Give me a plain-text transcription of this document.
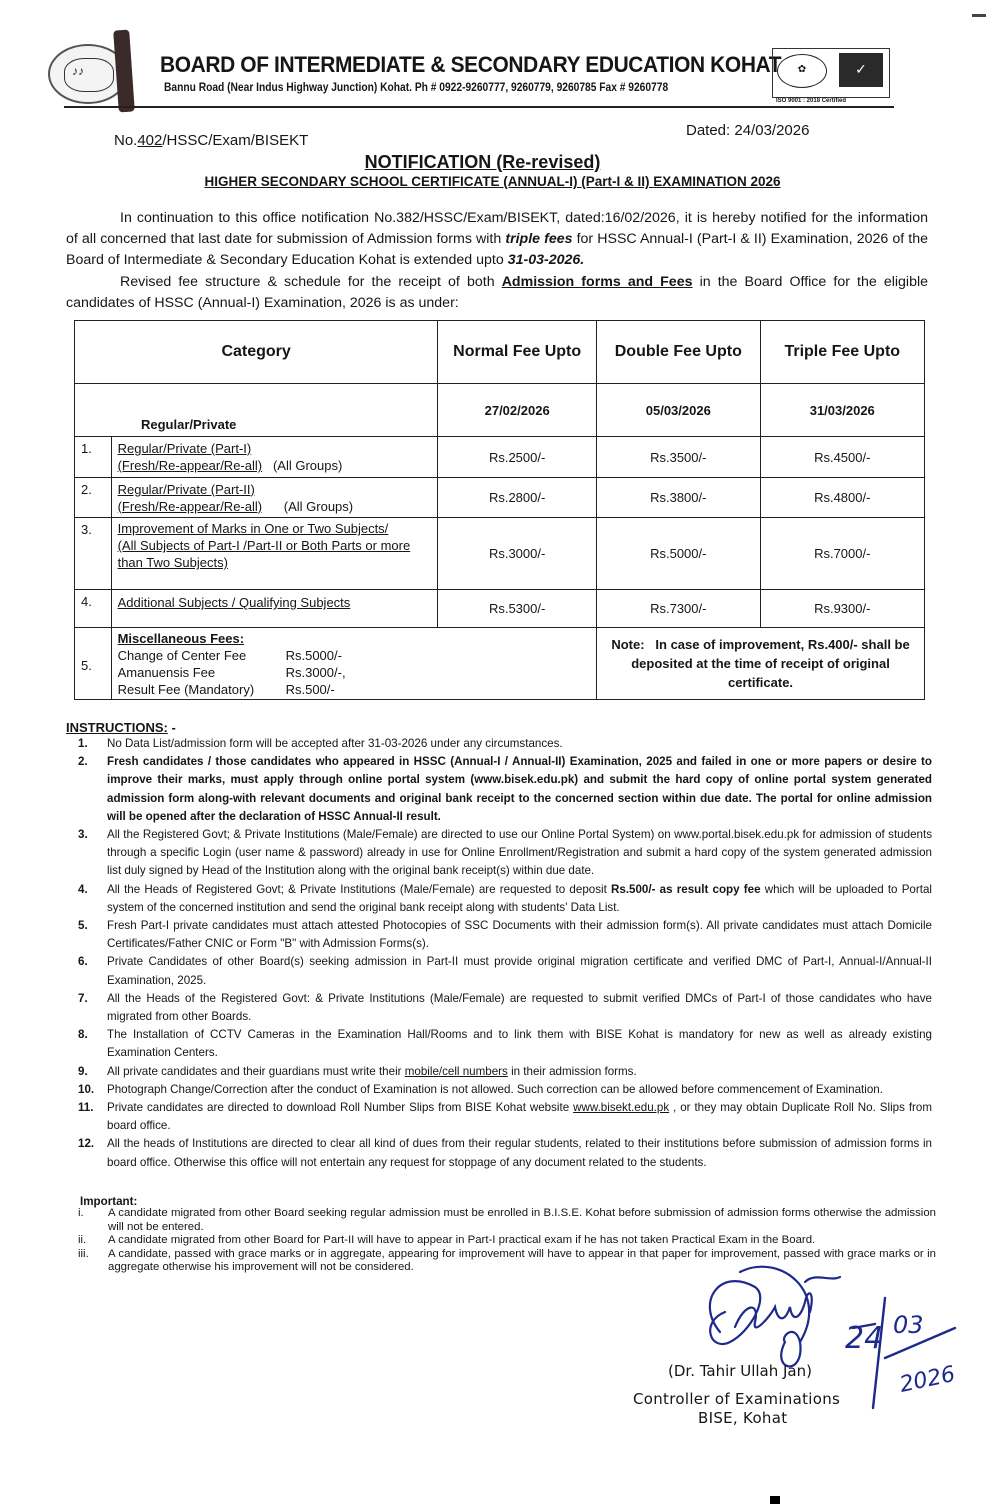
♪♪	BOARD OF INTERMEDIATE & SECONDARY EDUCATION KOHAT
Bannu Road (Near Indus Highway Junction) Kohat. Ph # 0922-9260777, 9260779, 9260785 Fax # 9260778
✿	✓
ISO 9001 : 2018 Certified
No.402/HSSC/Exam/BISEKT
Dated: 24/03/2026
NOTIFICATION (Re-revised)
HIGHER SECONDARY SCHOOL CERTIFICATE (ANNUAL-I) (Part-I & II) EXAMINATION 2026
In continuation to this office notification No.382/HSSC/Exam/BISEKT, dated:16/02/2026, it is hereby notified for the information of all concerned that last date for submission of Admission forms with triple fees for HSSC Annual-I (Part-I & II) Examination, 2026 of the Board of Intermediate & Secondary Education Kohat is extended upto 31-03-2026.
Revised fee structure & schedule for the receipt of both Admission forms and Fees in the Board Office for the eligible candidates of HSSC (Annual-I) Examination, 2026 is as under:
Category		Normal Fee Upto	Double Fee Upto	Triple Fee Upto
Regular/Private		27/02/2026	05/03/2026	31/03/2026
1.	Regular/Private (Part-I)
(Fresh/Re-appear/Re-all) (All Groups)	Rs.2500/-	Rs.3500/-	Rs.4500/-
2.	Regular/Private (Part-II)
(Fresh/Re-appear/Re-all) (All Groups)	Rs.2800/-	Rs.3800/-	Rs.4800/-
3.	Improvement of Marks in One or Two Subjects/
(All Subjects of Part-I /Part-II or Both Parts or more
than Two Subjects)	Rs.3000/-	Rs.5000/-	Rs.7000/-
4.	Additional Subjects / Qualifying Subjects	Rs.5300/-	Rs.7300/-	Rs.9300/-
5.	
Miscellaneous Fees:
Change of Center Fee	Rs.5000/-
Amanuensis Fee	Rs.3000/-,
Result Fee (Mandatory)	Rs.500/-
	Note: In case of improvement, Rs.400/- shall be deposited at the time of receipt of original certificate.
INSTRUCTIONS: -
1. No Data List/admission form will be accepted after 31-03-2026 under any circumstances.
2. Fresh candidates / those candidates who appeared in HSSC (Annual-I / Annual-II) Examination, 2025 and failed in one or more papers or desire to improve their marks, must apply through online portal system (www.bisek.edu.pk) and submit the hard copy of online portal system generated admission form along-with relevant documents and original bank receipt to the concerned section within due date. The portal for online admission will be opened after the declaration of HSSC Annual-II result.
3. All the Registered Govt; & Private Institutions (Male/Female) are directed to use our Online Portal System) on www.portal.bisek.edu.pk for admission of students through a specific Login (user name & password) already in use for Online Enrollment/Registration and submit a hard copy of the system generated admission list duly signed by Head of the Institution along with the original bank receipt(s) within due date.
4. All the Heads of Registered Govt; & Private Institutions (Male/Female) are requested to deposit Rs.500/- as result copy fee which will be uploaded to Portal system of the concerned institution and send the original bank receipt along with students' Data List.
5. Fresh Part-I private candidates must attach attested Photocopies of SSC Documents with their admission form(s). All private candidates must attach Domicile Certificates/Father CNIC or Form "B" with Admission Forms(s).
6. Private Candidates of other Board(s) seeking admission in Part-II must provide original migration certificate and verified DMC of Part-I, Annual-I/Annual-II Examination, 2025.
7. All the Heads of the Registered Govt: & Private Institutions (Male/Female) are requested to submit verified DMCs of Part-I of those candidates who have migrated from other Boards.
8. The Installation of CCTV Cameras in the Examination Hall/Rooms and to link them with BISE Kohat is mandatory for new as well as already existing Examination Centers.
9. All private candidates and their guardians must write their mobile/cell numbers in their admission forms.
10. Photograph Change/Correction after the conduct of Examination is not allowed. Such correction can be allowed before commencement of Examination.
11. Private candidates are directed to download Roll Number Slips from BISE Kohat website www.bisekt.edu.pk , or they may obtain Duplicate Roll No. Slips from board office.
12. All the heads of Institutions are directed to clear all kind of dues from their regular students, related to their institutions before submission of admission forms in board office. Otherwise this office will not entertain any request for stoppage of any document related to the students.
Important:
i. A candidate migrated from other Board seeking regular admission must be enrolled in B.I.S.E. Kohat before submission of admission forms otherwise the admission will not be entered.
ii. A candidate migrated from other Board for Part-II will have to appear in Part-I practical exam if he has not taken Practical Exam in the Board.
iii. A candidate, passed with grace marks or in aggregate, appearing for improvement will have to appear in that paper for improvement, passed with grace marks or in aggregate otherwise his improvement will not be considered.
24 03
2026
(Dr. Tahir Ullah Jan)
Controller of Examinations
BISE, Kohat
